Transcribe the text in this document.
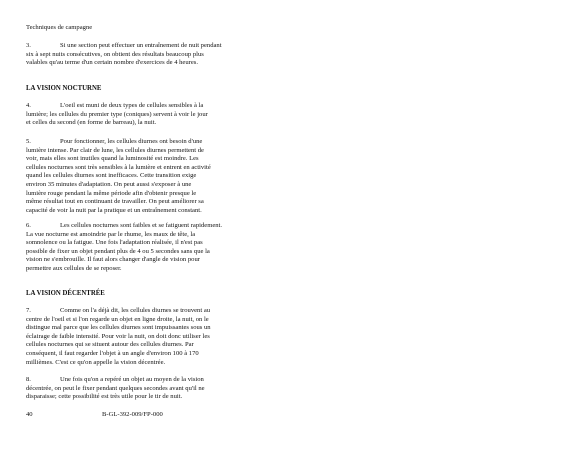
Techniques de campagne

3.	Si une section peut effectuer un entraînement de nuit pendant

six à sept nuits consécutives, on obtient des résultats beaucoup plus

valables qu'au terme d'un certain nombre d'exercices de 4 heures.

LA VISION NOCTURNE

4.	L'oeil est muni de deux types de cellules sensibles à la

lumière; les cellules du premier type (coniques) servent à voir le jour

et celles du second (en forme de barreau), la nuit.

5.	Pour fonctionner, les cellules diurnes ont besoin d'une

lumière intense. Par clair de lune, les cellules diurnes permettent de

voir, mais elles sont inutiles quand la luminosité est moindre. Les

cellules nocturnes sont très sensibles à la lumière et entrent en activité

quand les cellules diurnes sont inefficaces. Cette transition exige

environ 35 minutes d'adaptation. On peut aussi s'exposer à une

lumière rouge pendant la même période afin d'obtenir presque le

même résultat tout en continuant de travailler. On peut améliorer sa

capacité de voir la nuit par la pratique et un entraînement constant.

6.	Les cellules nocturnes sont faibles et se fatiguent rapidement.

La vue nocturne est amoindrie par le rhume, les maux de tête, la

somnolence ou la fatigue. Une fois l'adaptation réalisée, il n'est pas

possible de fixer un objet pendant plus de 4 ou 5 secondes sans que la

vision ne s'embrouille. Il faut alors changer d'angle de vision pour

permettre aux cellules de se reposer.

LA VISION DÉCENTRÉE

7.	Comme on l'a déjà dit, les cellules diurnes se trouvent au

centre de l'oeil et si l'on regarde un objet en ligne droite, la nuit, on le

distingue mal parce que les cellules diurnes sont impuissantes sous un

éclairage de faible intensité. Pour voir la nuit, on doit donc utiliser les

cellules nocturnes qui se situent autour des cellules diurnes. Par

conséquent, il faut regarder l'objet à un angle d'environ 100 à 170

millièmes. C'est ce qu'on appelle la vision décentrée.

8.	Une fois qu'on a repéré un objet au moyen de la vision

décentrée, on peut le fixer pendant quelques secondes avant qu'il ne

disparaisse; cette possibilité est très utile pour le tir de nuit.

40	B-GL-392-009/FP-000
